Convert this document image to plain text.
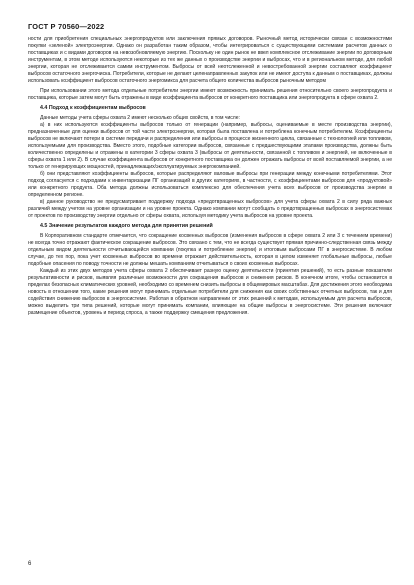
ГОСТ Р 70560—2022

ности для приобретения специальных энергопродуктов или заключения прямых договоров. Рыночный метод исторически связан с возможностями покупки «зеленой» электроэнергии. Однако он разработан таким образом, чтобы интегрироваться с существующими системами расчетов данных о поставщиках и с видами договоров на невозобновляемую энергию. Поскольку не один рынок не ввел комплексное отслеживание энергии по договорным инструментам, в этом методе используются некоторые из тех же данных о производстве энергии и выбросах, что и в региональном методе, для любой энергии, которая не отслеживается самим инструментом. Выбросы от всей неотслеженной и невостребованной энергии составляют коэффициент выбросов остаточного энергочиска. Потребители, которые не делают целенаправленных закупок или не имеют доступа к данным о поставщиках, должны использовать коэффициент выбросов остаточного энергомикса для расчета общего количества выбросов рыночным методом

При использовании этого метода отдельные потребители энергии имеют возможность принимать решения относительно своего энергопродукта и поставщика, которые затем могут быть отражены в виде коэффициента выбросов от конкретного поставщика или энергопродукта в сфере охвата 2.

4.4 Подход к коэффициентам выбросов

Данные методы учета сферы охвата 2 имеют несколько общих свойств, в том числе:

а) в них используются коэффициенты выбросов только от генерации (например, выбросы, оцениваемые в месте производства энергии), предназначенные для оценки выбросов от той части электроэнергии, которая была поставлена и потреблена конечным потребителем. Коэффициенты выбросов не включают потери в системе передачи и распределения или выбросы в процессе жизненного цикла, связанные с технологией или топливом, используемыми для производства. Вместо этого, подобные категории выбросов, связанные с предшествующими этапами производства, должны быть количественно определены и отражены в категории 3 сферы охвата 3 (выбросы от деятельности, связанной с топливом и энергией, не включенные в сферы охвата 1 или 2). В случае коэффициента выбросов от конкретного поставщика он должен отражать выбросы от всей поставляемой энергии, а не только от генерирующих мощностей, принадлежащих/эксплуатируемых энергокомпанией.

б) они представляют коэффициенты выбросов, которые распределяют валовые выбросы при генерации между конечными потребителями. Этот подход согласуется с подходами к инвентаризации ПГ организаций в других категориях, в частности, с коэффициентами выбросов для «продуктовой» или конкретного продукта. Оба метода должны использоваться комплексно для обеспечения учета всех выбросов от производства энергии в определенном регионе.

в) данное руководство не предусматривает поддержку подхода «предотвращенных выбросов» для учета сферы охвата 2 в силу ряда важных различий между учетом на уровне организации и на уровне проекта. Однако компании могут сообщать о предотвращенных выбросах в энергосистемах от проектов по производству энергии отдельно от сферы охвата, используя методику учета выбросов на уровне проекта.

4.5 Значение результатов каждого метода для принятия решений

В Корпоративном стандарте отмечается, что сокращение косвенных выбросов (изменения выбросов в сфере охвата 2 или 3 с течением времени) не всегда точно отражают фактическое сокращение выбросов. Это связано с тем, что не всегда существует прямая причинно-следственная связь между отдельным видом деятельности отчитывающейся компании (покупка и потребление энергии) и итоговым выбросами ПГ в энергосистеме. В любом случае, до тех пор, пока учет косвенных выбросов во времени отражает действительность, которая в целом изменяет глобальные выбросы, любые подобные опасения по поводу точности не должны мешать компаниям отчитываться о своих косвенных выбросах.

Каждый из этих двух методов учета сферы охвата 2 обеспечивает разную оценку деятельности (принятия решений), то есть разные показатели результативности и рисков, выявляя различные возможности для сокращения выбросов и снижения рисков. В конечном итоге, чтобы остановится в пределах безопасных климатических уровней, необходимо со временем снизить выбросы в общемировых масштабах. Для достижения этого необходима новость в отношении того, какие решения могут принимать отдельные потребители для снижения как своих собственных отчетных выбросов, так и для содействия снижению выбросов в энергосистеме. Работая в обратном направлении от этих решений к методам, используемым для расчета выбросов, можно выделить три типа решений, которые могут принимать компании, влияющие на общие выбросы в энергосистеме. Эти решения включают размещение объектов, уровень и период спроса, а также поддержку смещения предложения.

6
